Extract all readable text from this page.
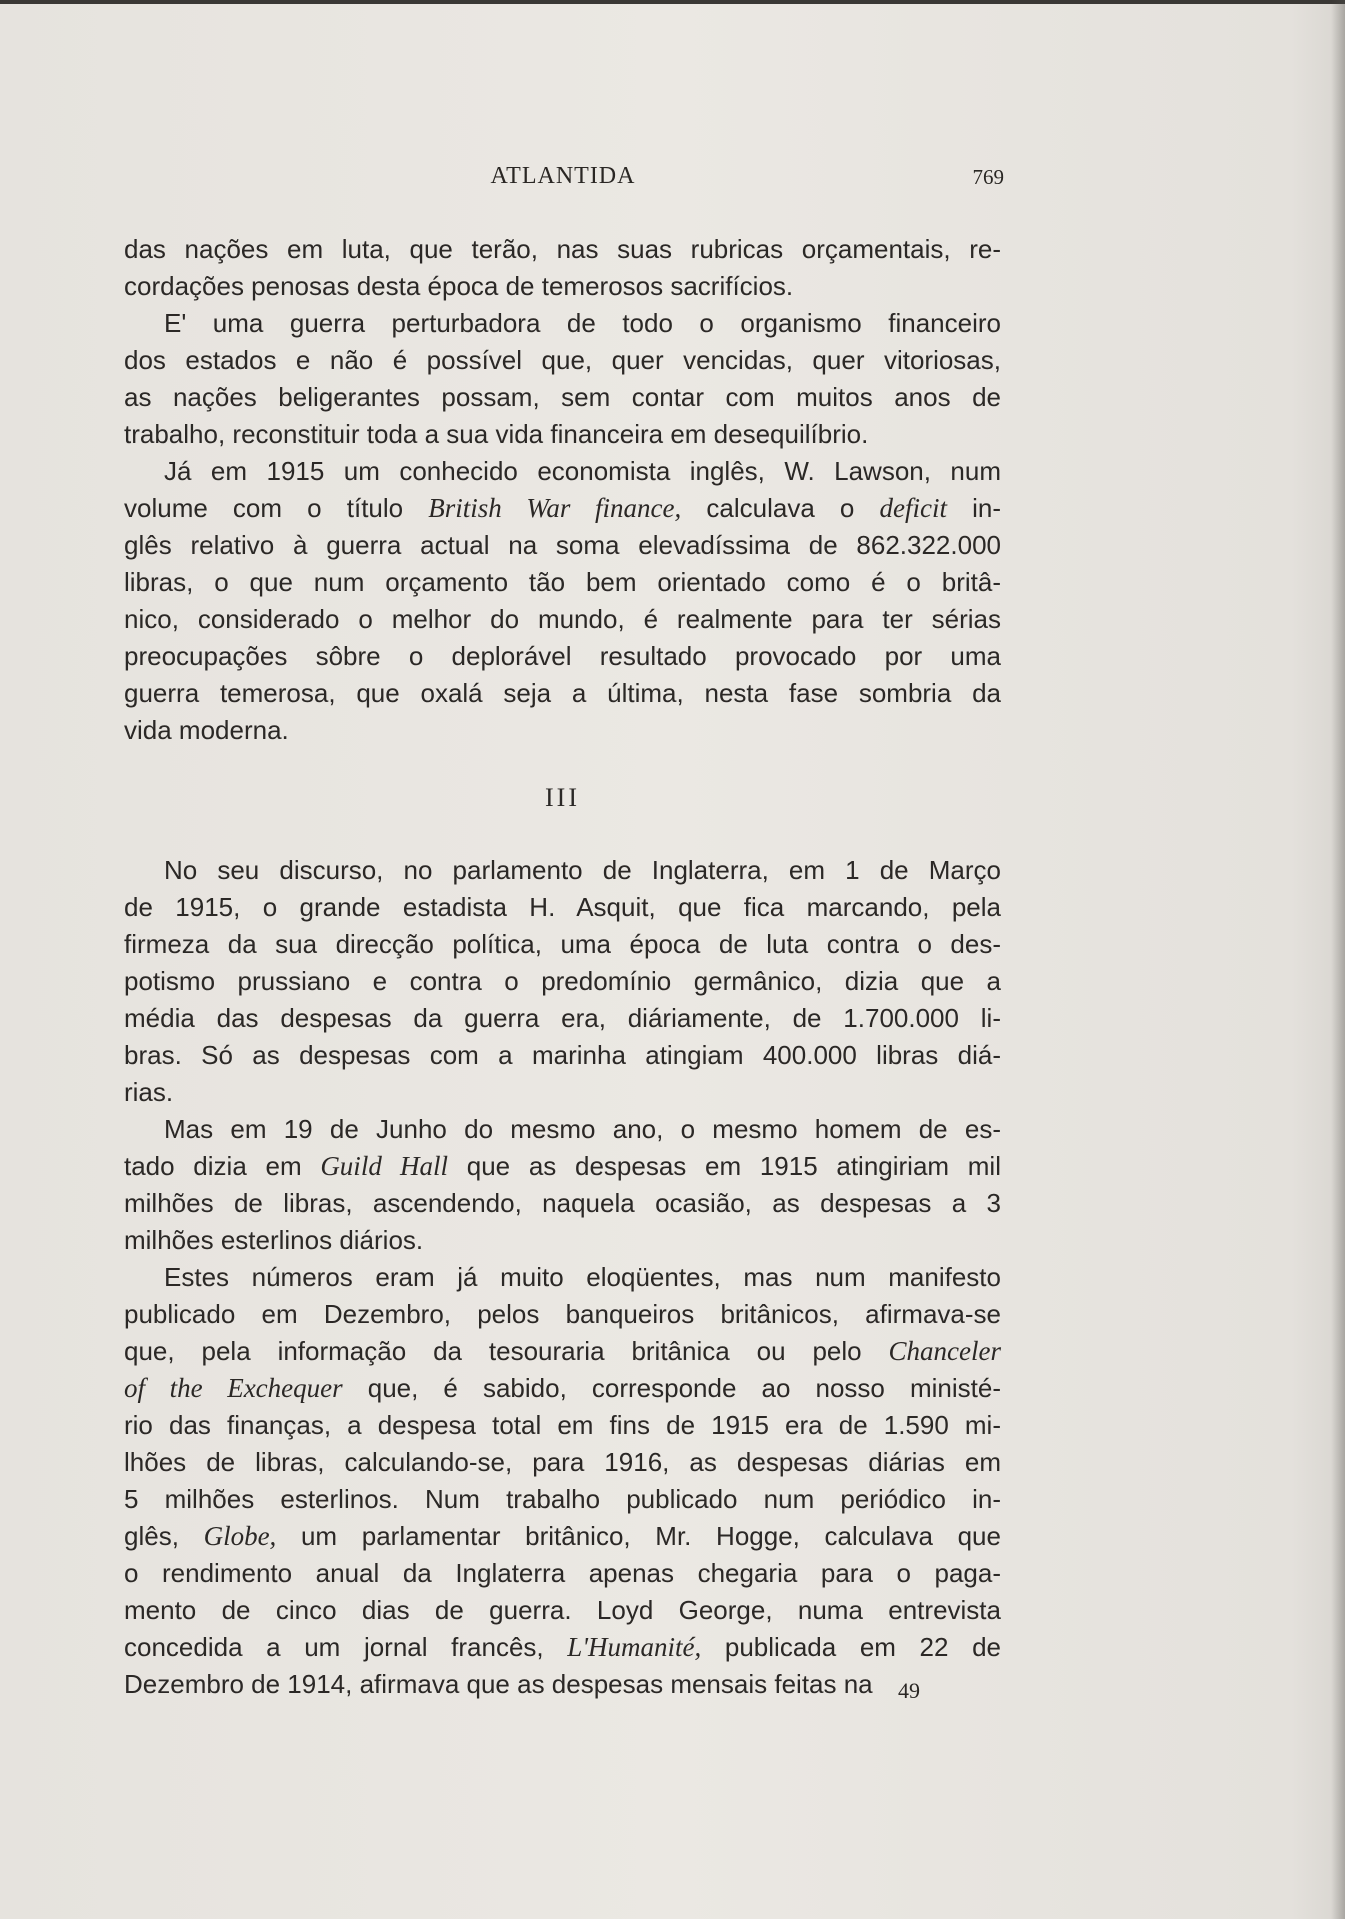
ATLANTIDA	769
das nações em luta, que terão, nas suas rubricas orçamentais, re-
cordações penosas desta época de temerosos sacrifícios.
E' uma guerra perturbadora de todo o organismo financeiro
dos estados e não é possível que, quer vencidas, quer vitoriosas,
as nações beligerantes possam, sem contar com muitos anos de
trabalho, reconstituir toda a sua vida financeira em desequilíbrio.
Já em 1915 um conhecido economista inglês, W. Lawson, num
volume com o título British War finance, calculava o deficit in-
glês relativo à guerra actual na soma elevadíssima de 862.322.000
libras, o que num orçamento tão bem orientado como é o britâ-
nico, considerado o melhor do mundo, é realmente para ter sérias
preocupações sôbre o deplorável resultado provocado por uma
guerra temerosa, que oxalá seja a última, nesta fase sombria da
vida moderna.
III
No seu discurso, no parlamento de Inglaterra, em 1 de Março
de 1915, o grande estadista H. Asquit, que fica marcando, pela
firmeza da sua direcção política, uma época de luta contra o des-
potismo prussiano e contra o predomínio germânico, dizia que a
média das despesas da guerra era, diáriamente, de 1.700.000 li-
bras. Só as despesas com a marinha atingiam 400.000 libras diá-
rias.
Mas em 19 de Junho do mesmo ano, o mesmo homem de es-
tado dizia em Guild Hall que as despesas em 1915 atingiriam mil
milhões de libras, ascendendo, naquela ocasião, as despesas a 3
milhões esterlinos diários.
Estes números eram já muito eloqüentes, mas num manifesto
publicado em Dezembro, pelos banqueiros britânicos, afirmava-se
que, pela informação da tesouraria britânica ou pelo Chanceler
of the Exchequer que, é sabido, corresponde ao nosso ministé-
rio das finanças, a despesa total em fins de 1915 era de 1.590 mi-
lhões de libras, calculando-se, para 1916, as despesas diárias em
5 milhões esterlinos. Num trabalho publicado num periódico in-
glês, Globe, um parlamentar britânico, Mr. Hogge, calculava que
o rendimento anual da Inglaterra apenas chegaria para o paga-
mento de cinco dias de guerra. Loyd George, numa entrevista
concedida a um jornal francês, L'Humanité, publicada em 22 de
Dezembro de 1914, afirmava que as despesas mensais feitas na	49
